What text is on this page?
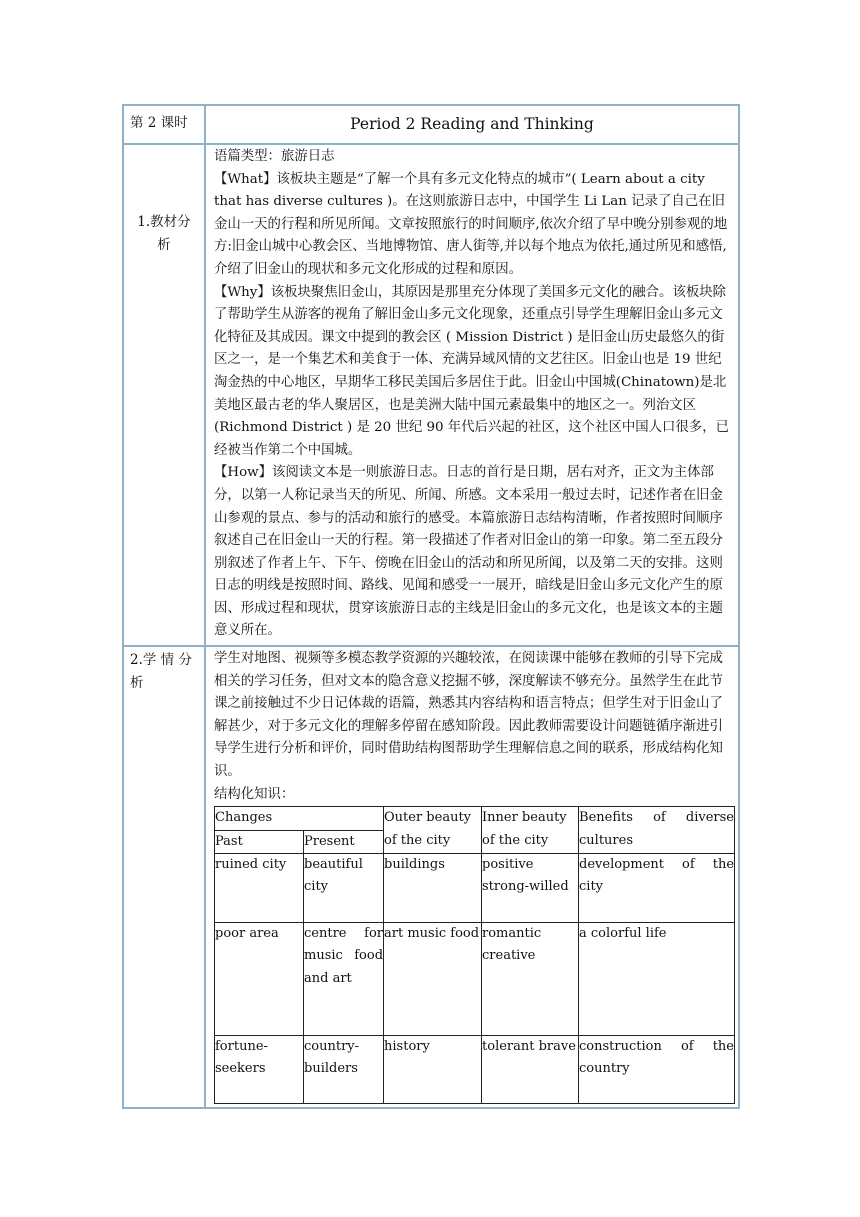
第 2 课时	Period 2 Reading and Thinking

1.教材分
析

语篇类型：旅游日志

【What】该板块主题是“了解一个具有多元文化特点的城市”( Learn about a city that has diverse cultures )。在这则旅游日志中，中国学生 Li Lan 记录了自己在旧金山一天的行程和所见所闻。文章按照旅行的时间顺序,依次介绍了早中晚分别参观的地方:旧金山城中心教会区、当地博物馆、唐人街等,并以每个地点为依托,通过所见和感悟,介绍了旧金山的现状和多元文化形成的过程和原因。

【Why】该板块聚焦旧金山，其原因是那里充分体现了美国多元文化的融合。该板块除了帮助学生从游客的视角了解旧金山多元文化现象，还重点引导学生理解旧金山多元文化特征及其成因。课文中提到的教会区 ( Mission District ) 是旧金山历史最悠久的街区之一，是一个集艺术和美食于一体、充满异域风情的文艺往区。旧金山也是 19 世纪淘金热的中心地区，早期华工移民美国后多居住于此。旧金山中国城(Chinatown)是北美地区最古老的华人聚居区，也是美洲大陆中国元素最集中的地区之一。列治文区 (Richmond District ) 是 20 世纪 90 年代后兴起的社区，这个社区中国人口很多，已经被当作第二个中国城。

【How】该阅读文本是一则旅游日志。日志的首行是日期，居右对齐，正文为主体部分，以第一人称记录当天的所见、所闻、所感。文本采用一般过去时，记述作者在旧金山参观的景点、参与的活动和旅行的感受。本篇旅游日志结构清晰，作者按照时间顺序叙述自己在旧金山一天的行程。第一段描述了作者对旧金山的第一印象。第二至五段分别叙述了作者上午、下午、傍晚在旧金山的活动和所见所闻，以及第二天的安排。这则日志的明线是按照时间、路线、见闻和感受一一展开，暗线是旧金山多元文化产生的原因、形成过程和现状，贯穿该旅游日志的主线是旧金山的多元文化，也是该文本的主题意义所在。

2.学 情 分析

学生对地图、视频等多模态教学资源的兴趣较浓，在阅读课中能够在教师的引导下完成相关的学习任务，但对文本的隐含意义挖掘不够，深度解读不够充分。虽然学生在此节课之前接触过不少日记体裁的语篇，熟悉其内容结构和语言特点；但学生对于旧金山了解甚少，对于多元文化的理解多停留在感知阶段。因此教师需要设计问题链循序渐进引导学生进行分析和评价，同时借助结构图帮助学生理解信息之间的联系，形成结构化知识。

结构化知识：

Changes	Outer beauty of the city	Inner beauty of the city	Benefits of diverse cultures
Past	Present
ruined city	beautiful city	buildings	positive strong-willed	development of the city
poor area	centre for music food and art	art music food	romantic creative	a colorful life
fortune-seekers	country-builders	history	tolerant brave	construction of the country
